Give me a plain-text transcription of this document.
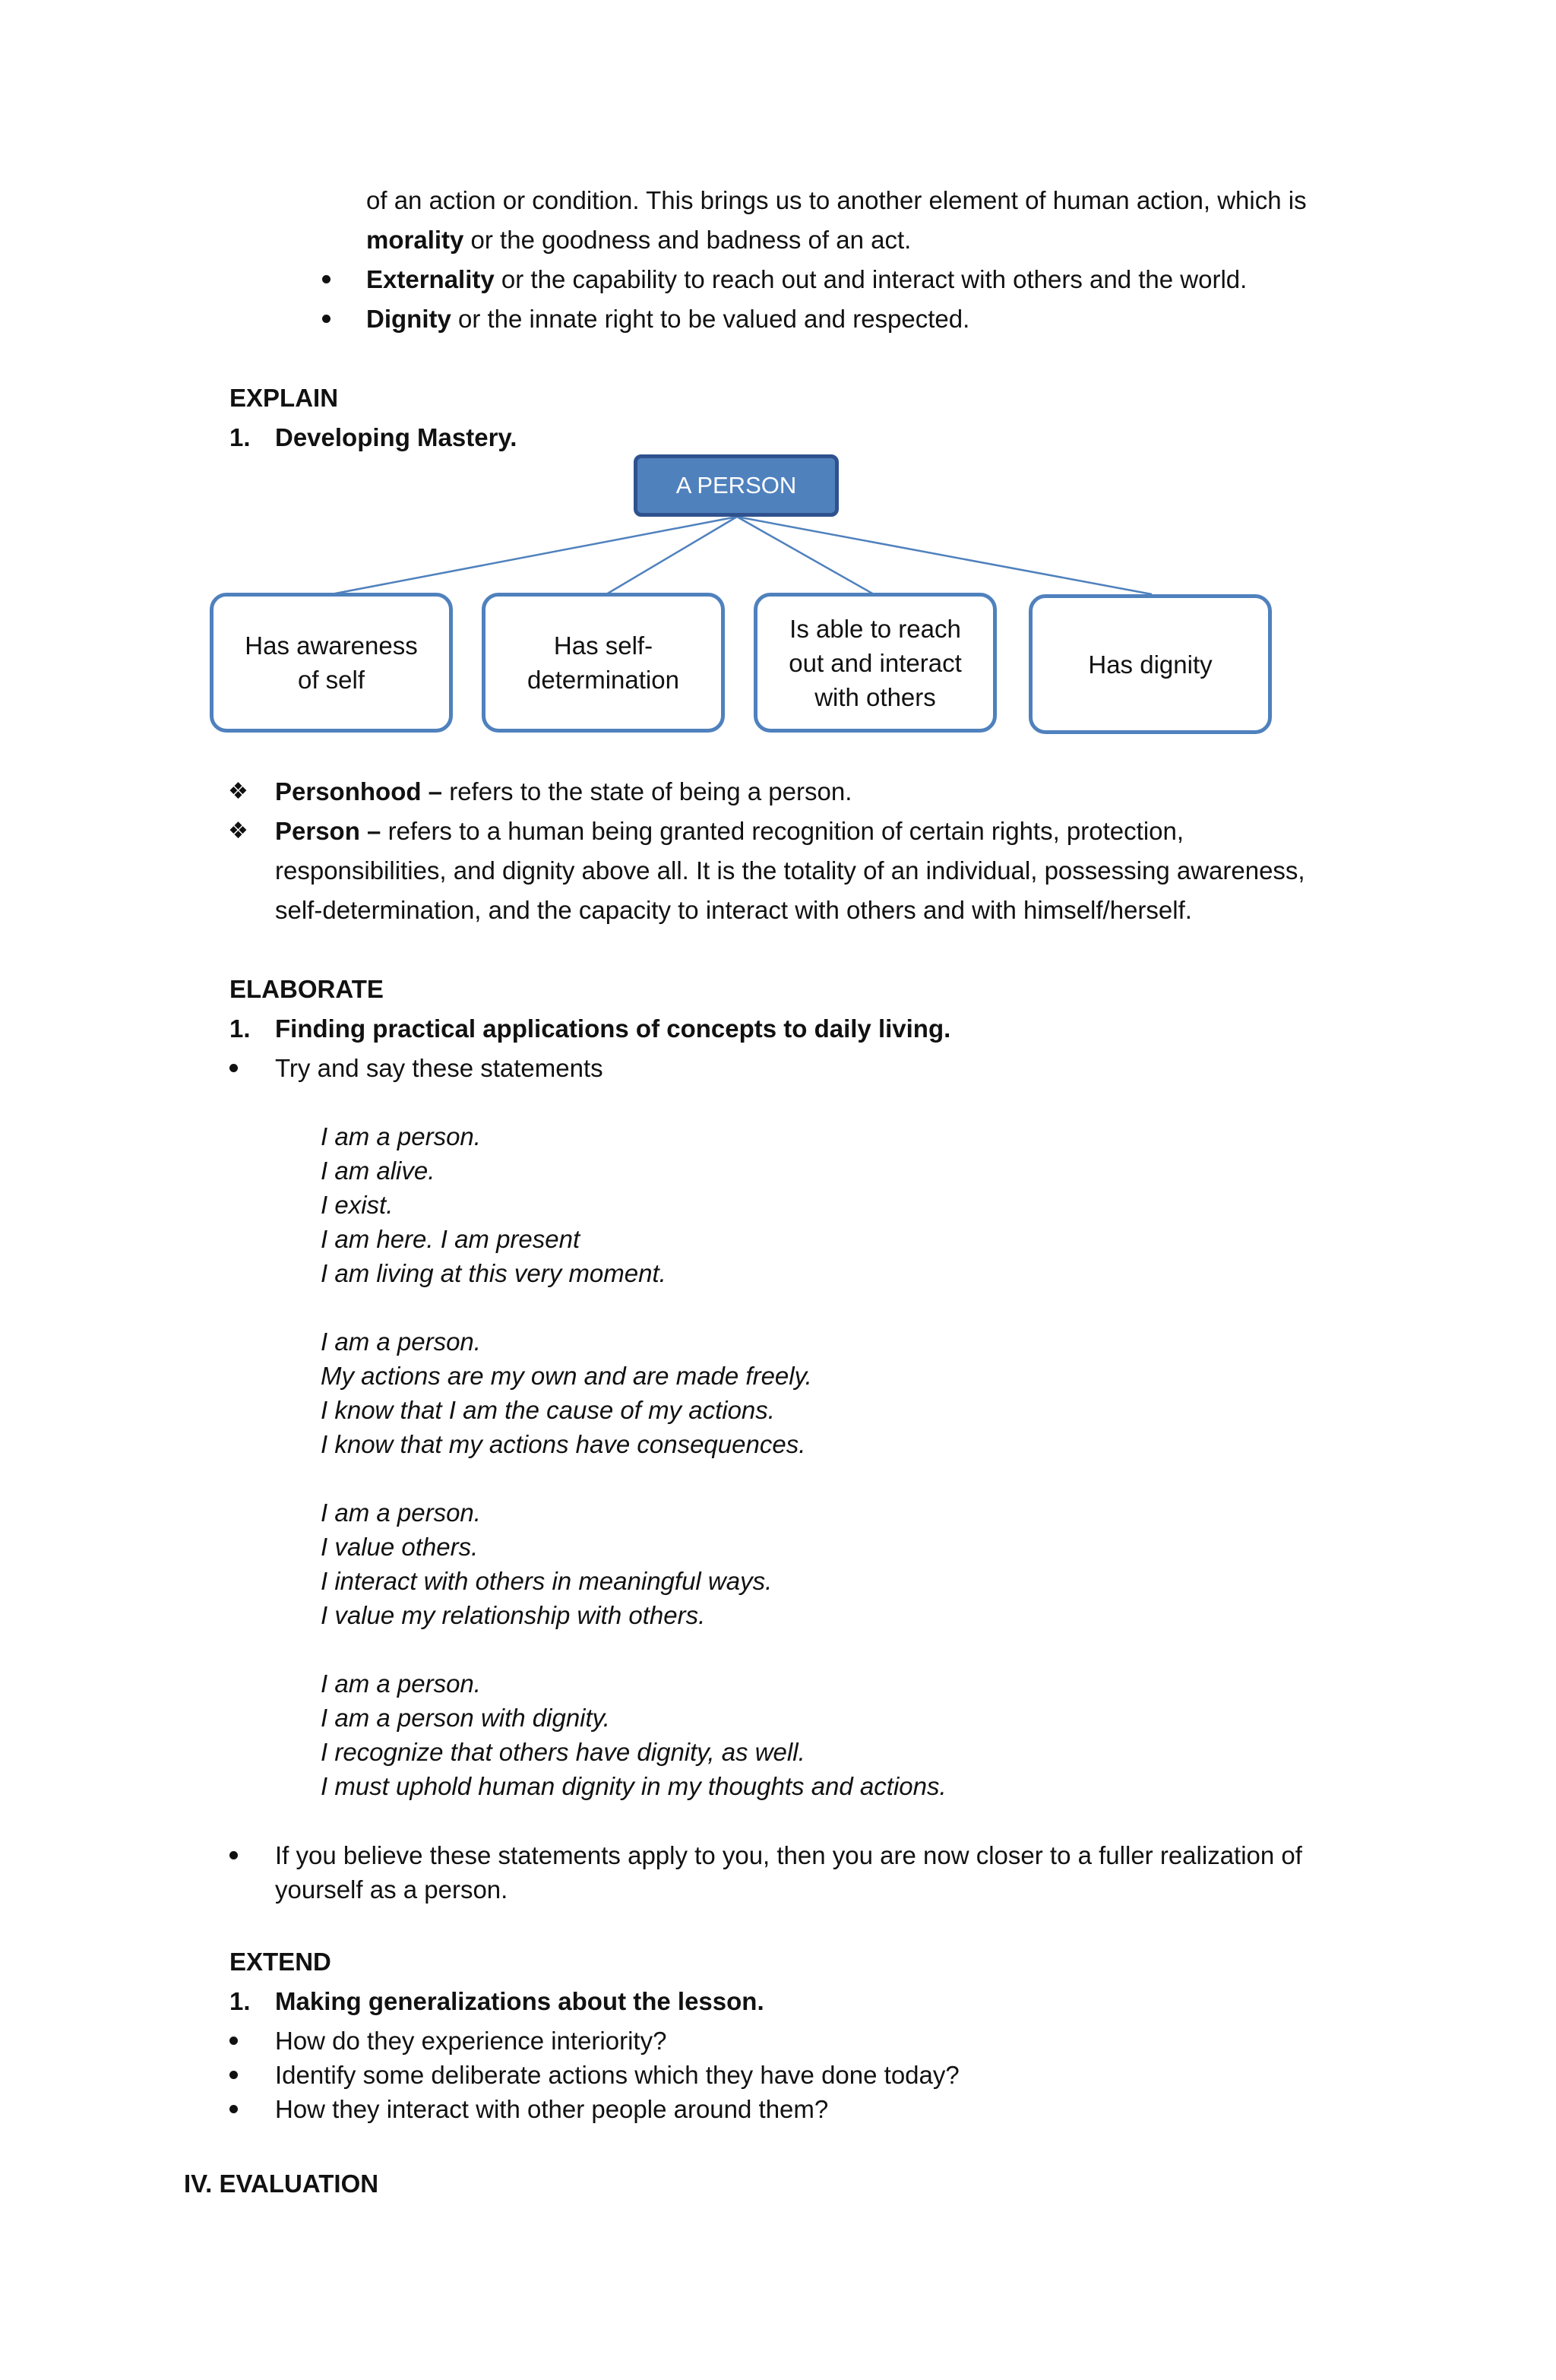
of an action or condition. This brings us to another element of human action, which is
morality or the goodness and badness of an act.
Externality or the capability to reach out and interact with others and the world.
Dignity or the innate right to be valued and respected.
EXPLAIN
1. Developing Mastery.
A PERSON
Has awareness
of self
Has self-
determination
Is able to reach
out and interact
with others
Has dignity
❖ Personhood – refers to the state of being a person.
❖ Person – refers to a human being granted recognition of certain rights, protection,
responsibilities, and dignity above all. It is the totality of an individual, possessing awareness,
self-determination, and the capacity to interact with others and with himself/herself.
ELABORATE
1. Finding practical applications of concepts to daily living.
Try and say these statements
I am a person.
I am alive.
I exist.
I am here. I am present
I am living at this very moment.
I am a person.
My actions are my own and are made freely.
I know that I am the cause of my actions.
I know that my actions have consequences.
I am a person.
I value others.
I interact with others in meaningful ways.
I value my relationship with others.
I am a person.
I am a person with dignity.
I recognize that others have dignity, as well.
I must uphold human dignity in my thoughts and actions.
If you believe these statements apply to you, then you are now closer to a fuller realization of
yourself as a person.
EXTEND
1. Making generalizations about the lesson.
How do they experience interiority?
Identify some deliberate actions which they have done today?
How they interact with other people around them?
IV. EVALUATION
